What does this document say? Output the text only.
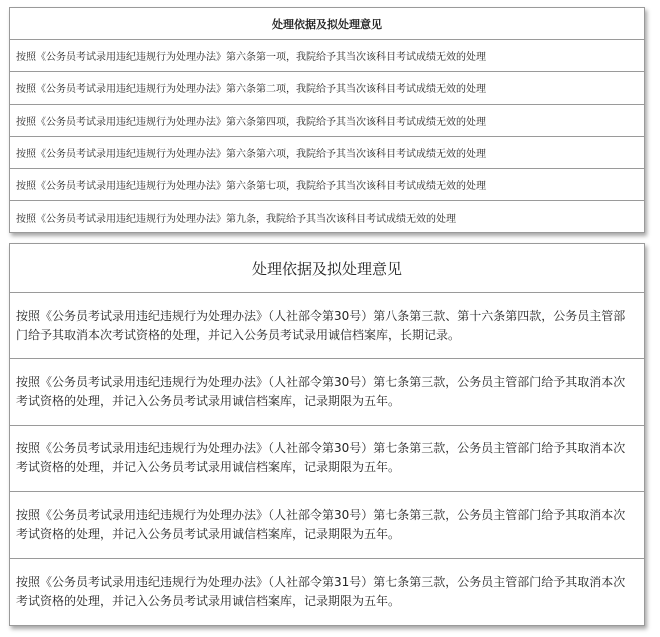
处理依据及拟处理意见
按照《公务员考试录用违纪违规行为处理办法》第六条第一项，我院给予其当次该科目考试成绩无效的处理
按照《公务员考试录用违纪违规行为处理办法》第六条第二项，我院给予其当次该科目考试成绩无效的处理
按照《公务员考试录用违纪违规行为处理办法》第六条第四项，我院给予其当次该科目考试成绩无效的处理
按照《公务员考试录用违纪违规行为处理办法》第六条第六项，我院给予其当次该科目考试成绩无效的处理
按照《公务员考试录用违纪违规行为处理办法》第六条第七项，我院给予其当次该科目考试成绩无效的处理
按照《公务员考试录用违纪违规行为处理办法》第九条，我院给予其当次该科目考试成绩无效的处理
处理依据及拟处理意见
按照《公务员考试录用违纪违规行为处理办法》（人社部令第30号）第八条第三款、第十六条第四款，公务员主管部门给予其取消本次考试资格的处理，并记入公务员考试录用诚信档案库，长期记录。
按照《公务员考试录用违纪违规行为处理办法》（人社部令第30号）第七条第三款，公务员主管部门给予其取消本次考试资格的处理，并记入公务员考试录用诚信档案库，记录期限为五年。
按照《公务员考试录用违纪违规行为处理办法》（人社部令第30号）第七条第三款，公务员主管部门给予其取消本次考试资格的处理，并记入公务员考试录用诚信档案库，记录期限为五年。
按照《公务员考试录用违纪违规行为处理办法》（人社部令第30号）第七条第三款，公务员主管部门给予其取消本次考试资格的处理，并记入公务员考试录用诚信档案库，记录期限为五年。
按照《公务员考试录用违纪违规行为处理办法》（人社部令第31号）第七条第三款，公务员主管部门给予其取消本次考试资格的处理，并记入公务员考试录用诚信档案库，记录期限为五年。
